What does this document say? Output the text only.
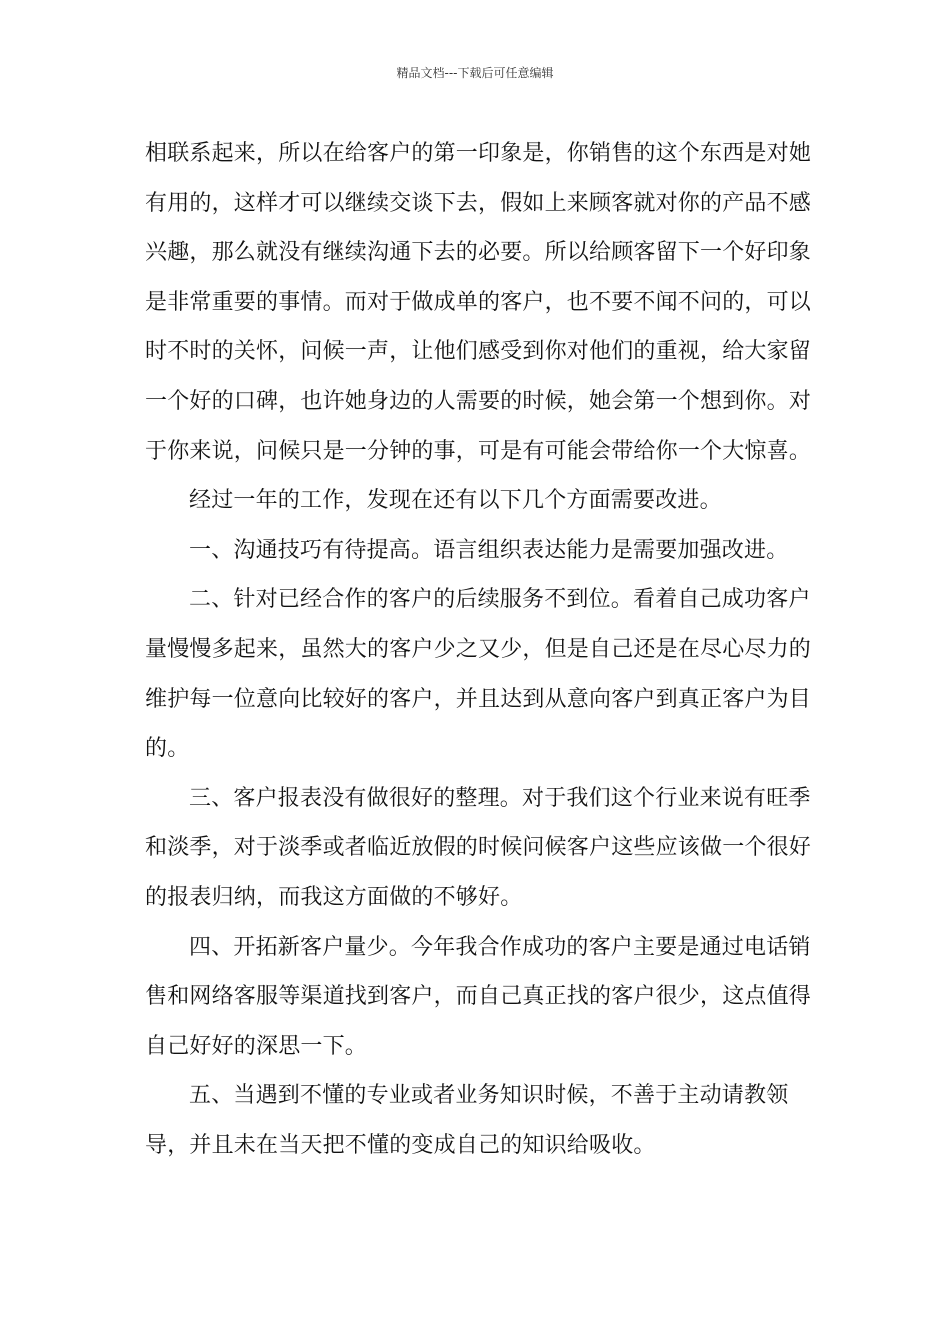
精品文档---下载后可任意编辑

相联系起来，所以在给客户的第一印象是，你销售的这个东西是对她有用的，这样才可以继续交谈下去，假如上来顾客就对你的产品不感兴趣，那么就没有继续沟通下去的必要。所以给顾客留下一个好印象是非常重要的事情。而对于做成单的客户，也不要不闻不问的，可以时不时的关怀，问候一声，让他们感受到你对他们的重视，给大家留一个好的口碑，也许她身边的人需要的时候，她会第一个想到你。对于你来说，问候只是一分钟的事，可是有可能会带给你一个大惊喜。

经过一年的工作，发现在还有以下几个方面需要改进。

一、沟通技巧有待提高。语言组织表达能力是需要加强改进。

二、针对已经合作的客户的后续服务不到位。看着自己成功客户量慢慢多起来，虽然大的客户少之又少，但是自己还是在尽心尽力的维护每一位意向比较好的客户，并且达到从意向客户到真正客户为目的。

三、客户报表没有做很好的整理。对于我们这个行业来说有旺季和淡季，对于淡季或者临近放假的时候问候客户这些应该做一个很好的报表归纳，而我这方面做的不够好。

四、开拓新客户量少。今年我合作成功的客户主要是通过电话销售和网络客服等渠道找到客户，而自己真正找的客户很少，这点值得自己好好的深思一下。

五、当遇到不懂的专业或者业务知识时候，不善于主动请教领导，并且未在当天把不懂的变成自己的知识给吸收。
